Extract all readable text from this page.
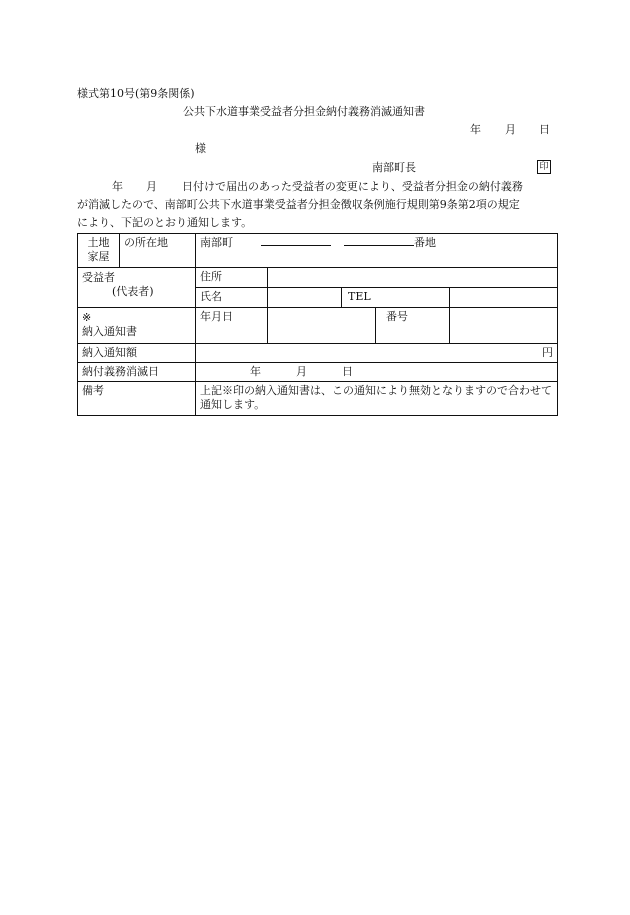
様式第10号(第9条関係)
公共下水道事業受益者分担金納付義務消滅通知書
年 月 日
様
南部町長	印
年 月 日付けで届出のあった受益者の変更により、受益者分担金の納付義務
が消滅したので、南部町公共下水道事業受益者分担金徴収条例施行規則第9条第2項の規定
により、下記のとおり通知します。
土地
家屋	の所在地	南部町 番地				

受益者
(代表者)		住所				
		氏名		TEL		

※
納入通知書		年月日			番号	
納入通知額		円				
納付義務消滅日		年 月 日				
備考		上記※印の納入通知書は、この通知により無効となりますので合わせて通知します。				
